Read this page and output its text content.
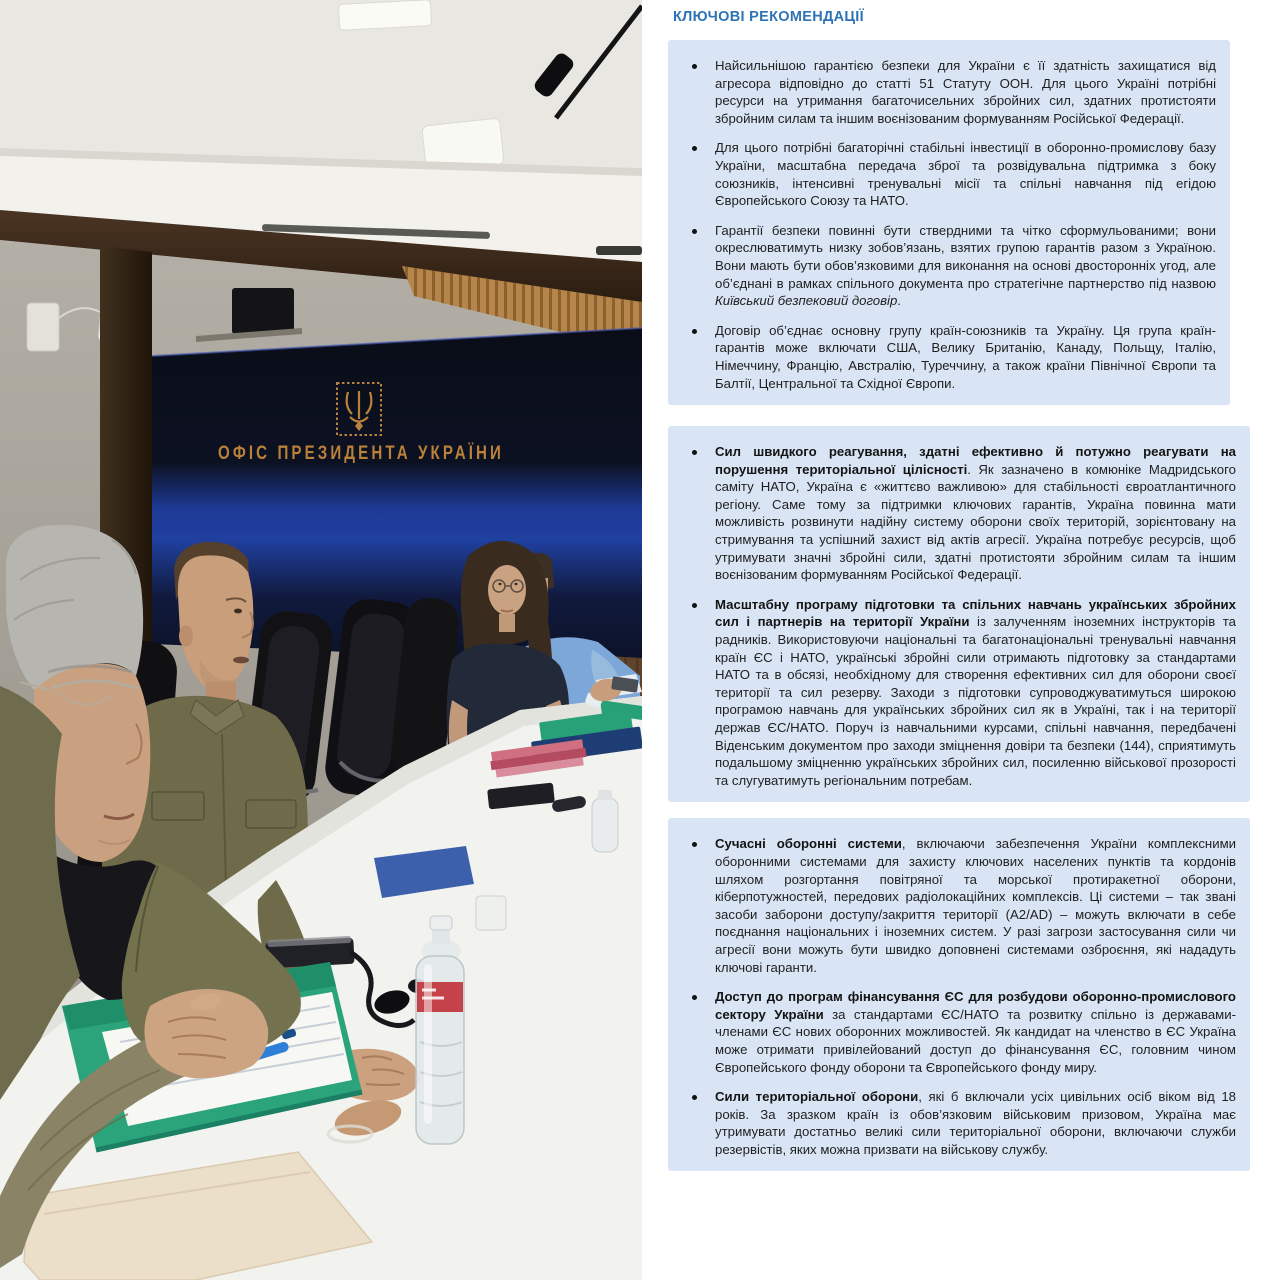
ОФІС ПРЕЗИДЕНТА УКРАЇНИ
КЛЮЧОВІ РЕКОМЕНДАЦІЇ
Найсильнішою гарантією безпеки для України є її здатність захищатися від агресора відповідно до статті 51 Статуту ООН. Для цього Україні потрібні ресурси на утримання багаточисельних збройних сил, здатних протистояти збройним силам та іншим воєнізованим формуванням Російської Федерації.
Для цього потрібні багаторічні стабільні інвестиції в оборонно-промислову базу України, масштабна передача зброї та розвідувальна підтримка з боку союзників, інтенсивні тренувальні місії та спільні навчання під егідою Європейського Союзу та НАТО.
Гарантії безпеки повинні бути ствердними та чітко сформульованими; вони окреслюватимуть низку зобов’язань, взятих групою гарантів разом з Україною. Вони мають бути обов’язковими для виконання на основі двосторонніх угод, але об’єднані в рамках спільного документа про стратегічне партнерство під назвою Київський безпековий договір.
Договір об’єднає основну групу країн-союзників та Україну. Ця група країн-гарантів може включати США, Велику Британію, Канаду, Польщу, Італію, Німеччину, Францію, Австралію, Туреччину, а також країни Північної Європи та Балтії, Центральної та Східної Європи.
Сил швидкого реагування, здатні ефективно й потужно реагувати на порушення територіальної цілісності. Як зазначено в комюніке Мадридського саміту НАТО, Україна є «життєво важливою» для стабільності євроатлантичного регіону. Саме тому за підтримки ключових гарантів, Україна повинна мати можливість розвинути надійну систему оборони своїх територій, зорієнтовану на стримування та успішний захист від актів агресії. Україна потребує ресурсів, щоб утримувати значні збройні сили, здатні протистояти збройним силам та іншим воєнізованим формуванням Російської Федерації.
Масштабну програму підготовки та спільних навчань українських збройних сил і партнерів на території України із залученням іноземних інструкторів та радників. Використовуючи національні та багатонаціональні тренувальні навчання країн ЄС і НАТО, українські збройні сили отримають підготовку за стандартами НАТО та в обсязі, необхідному для створення ефективних сил для оборони своєї території та сил резерву. Заходи з підготовки супроводжуватимуться широкою програмою навчань для українських збройних сил як в Україні, так і на території держав ЄС/НАТО. Поруч із навчальними курсами, спільні навчання, передбачені Віденським документом про заходи зміцнення довіри та безпеки (144), сприятимуть подальшому зміцненню українських збройних сил, посиленню військової прозорості та слугуватимуть регіональним потребам.
Сучасні оборонні системи, включаючи забезпечення України комплексними оборонними системами для захисту ключових населених пунктів та кордонів шляхом розгортання повітряної та морської протиракетної оборони, кіберпотужностей, передових радіолокаційних комплексів. Ці системи – так звані засоби заборони доступу/закриття території (A2/AD) – можуть включати в себе поєднання національних і іноземних систем. У разі загрози застосування сили чи агресії вони можуть бути швидко доповнені системами озброєння, які нададуть ключові гаранти.
Доступ до програм фінансування ЄС для розбудови оборонно-промислового сектору України за стандартами ЄС/НАТО та розвитку спільно із державами-членами ЄС нових оборонних можливостей. Як кандидат на членство в ЄС Україна може отримати привілейований доступ до фінансування ЄС, головним чином Європейського фонду оборони та Європейського фонду миру.
Сили територіальної оборони, які б включали усіх цивільних осіб віком від 18 років. За зразком країн із обов’язковим військовим призовом, Україна має утримувати достатньо великі сили територіальної оборони, включаючи служби резервістів, яких можна призвати на військову службу.
